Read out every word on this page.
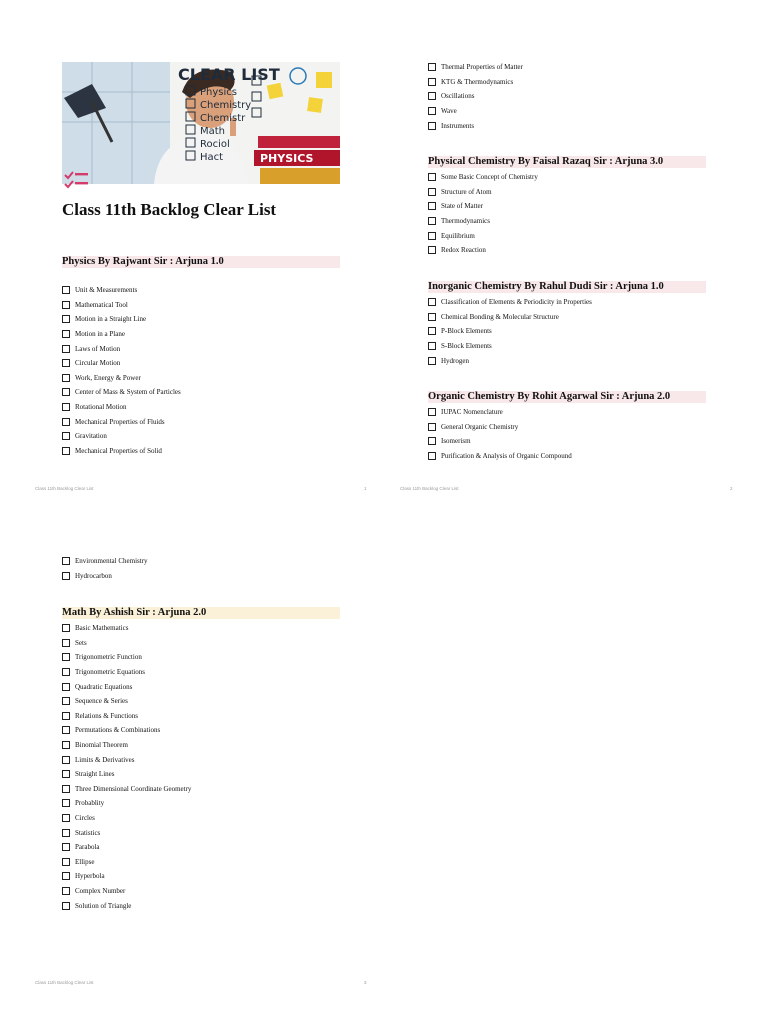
CLEAR LIST
Physics
Chemistry
Chemistr
Math
Rociol
Hact	PHYSICS
Class 11th Backlog Clear List
Physics By Rajwant Sir : Arjuna 1.0
Unit & Measurements
Mathematical Tool
Motion in a Straight Line
Motion in a Plane
Laws of Motion
Circular Motion
Work, Energy & Power
Center of Mass & System of Particles
Rotational Motion
Mechanical Properties of Fluids
Gravitation
Mechanical Properties of Solid
Class 11th Backlog Clear List	1
Thermal Properties of Matter
KTG & Thermodynamics
Oscillations
Wave
Instruments
Physical Chemistry By Faisal Razaq Sir : Arjuna 3.0
Some Basic Concept of Chemistry
Structure of Atom
State of Matter
Thermodynamics
Equilibrium
Redox Reaction
Inorganic Chemistry By Rahul Dudi Sir : Arjuna 1.0
Classification of Elements & Periodicity in Properties
Chemical Bonding & Molecular Structure
P-Block Elements
S-Block Elements
Hydrogen
Organic Chemistry By Rohit Agarwal Sir : Arjuna 2.0
IUPAC Nomenclature
General Organic Chemistry
Isomerism
Purification & Analysis of Organic Compound
Class 11th Backlog Clear List	2
Environmental Chemistry
Hydrocarbon
Math By Ashish Sir : Arjuna 2.0
Basic Mathematics
Sets
Trigonometric Function
Trigonometric Equations
Quadratic Equations
Sequence & Series
Relations & Functions
Permutations & Combinations
Binomial Theorem
Limits & Derivatives
Straight Lines
Three Dimensional Coordinate Geometry
Probablity
Circles
Statistics
Parabola
Ellipse
Hyperbola
Complex Number
Solution of Triangle
Class 11th Backlog Clear List	3
